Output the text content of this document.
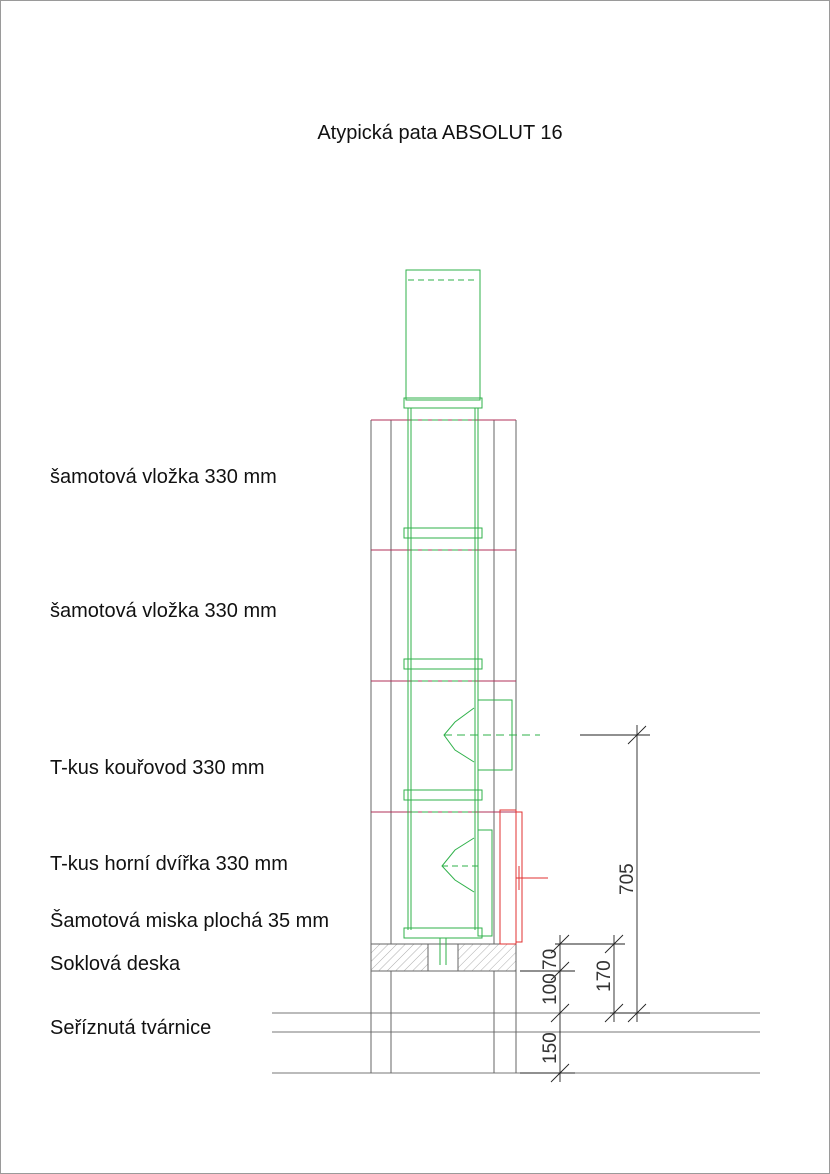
Atypická pata ABSOLUT 16
šamotová vložka 330 mm
šamotová vložka 330 mm
T-kus kouřovod 330 mm
T-kus horní dvířka 330 mm
Šamotová miska plochá 35 mm
Soklová deska
Seříznutá tvárnice
705
170
100
70
150
